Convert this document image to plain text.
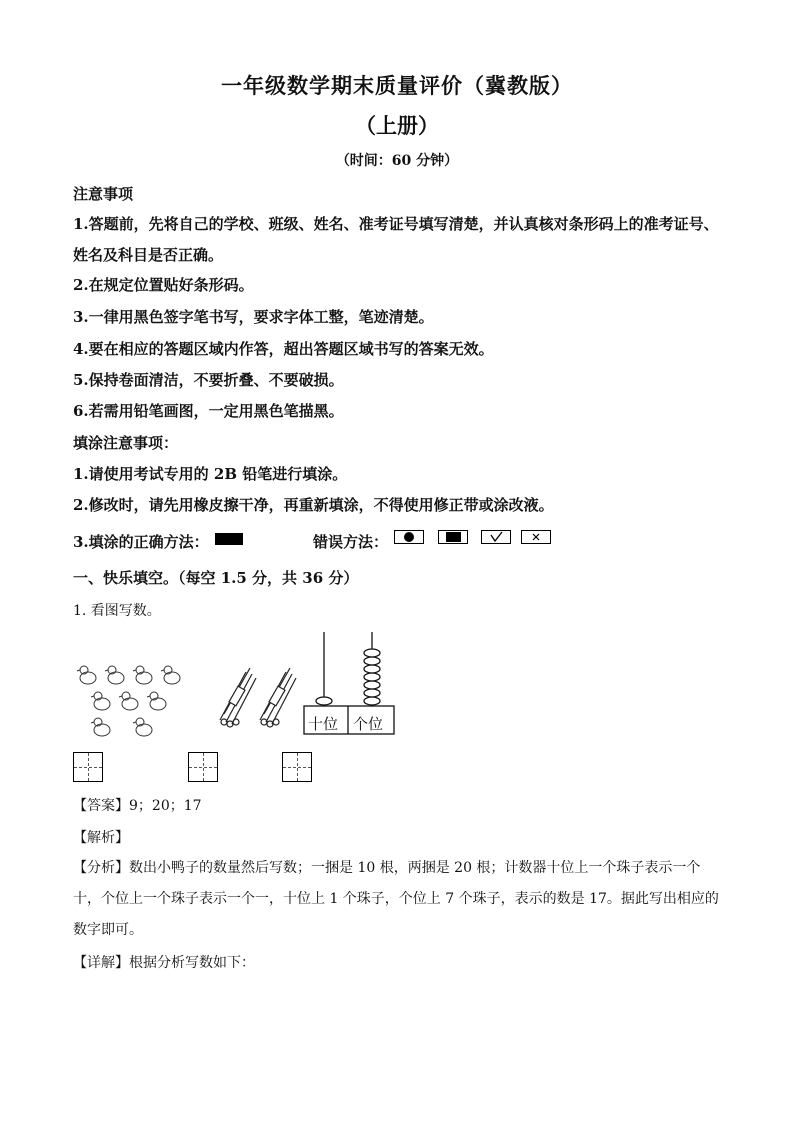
一年级数学期末质量评价（冀教版）
（上册）
（时间：60 分钟）
注意事项
1.答题前，先将自己的学校、班级、姓名、准考证号填写清楚，并认真核对条形码上的准考证号、姓名及科目是否正确。
2.在规定位置贴好条形码。
3.一律用黑色签字笔书写，要求字体工整，笔迹清楚。
4.要在相应的答题区域内作答，超出答题区域书写的答案无效。
5.保持卷面清洁，不要折叠、不要破损。
6.若需用铅笔画图，一定用黑色笔描黑。
填涂注意事项：
1.请使用考试专用的 2B 铅笔进行填涂。
2.修改时，请先用橡皮擦干净，再重新填涂，不得使用修正带或涂改液。
3.填涂的正确方法：	错误方法：
一、快乐填空。（每空 1.5 分，共 36 分）
1. 看图写数。
十位 个位
【答案】9；20；17
【解析】
【分析】数出小鸭子的数量然后写数；一捆是 10 根，两捆是 20 根；计数器十位上一个珠子表示一个十，个位上一个珠子表示一个一，十位上 1 个珠子，个位上 7 个珠子，表示的数是 17。据此写出相应的数字即可。
【详解】根据分析写数如下：
